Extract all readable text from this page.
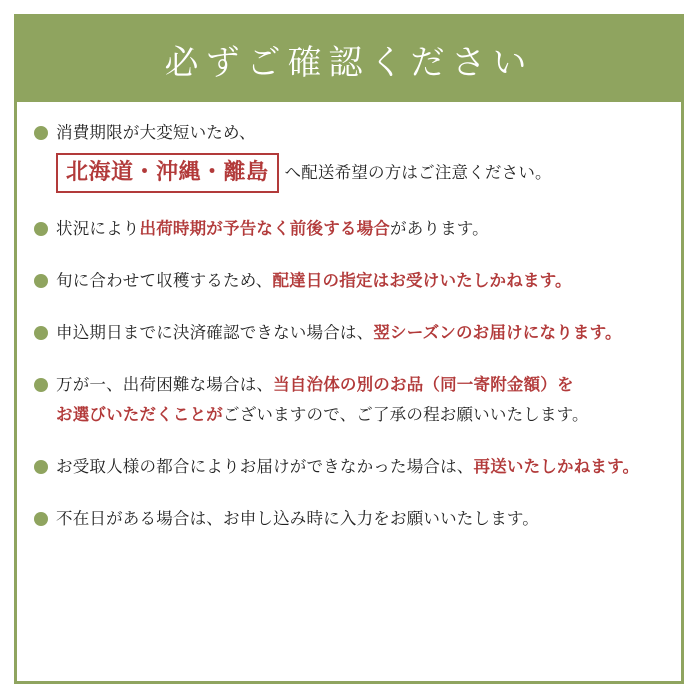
必ずご確認ください
消費期限が大変短いため、
北海道・沖縄・離島 へ配送希望の方はご注意ください。
状況により出荷時期が予告なく前後する場合があります。
旬に合わせて収穫するため、配達日の指定はお受けいたしかねます。
申込期日までに決済確認できない場合は、翌シーズンのお届けになります。
万が一、出荷困難な場合は、当自治体の別のお品（同一寄附金額）を
お選びいただくことがございますので、ご了承の程お願いいたします。
お受取人様の都合によりお届けができなかった場合は、再送いたしかねます。
不在日がある場合は、お申し込み時に入力をお願いいたします。
